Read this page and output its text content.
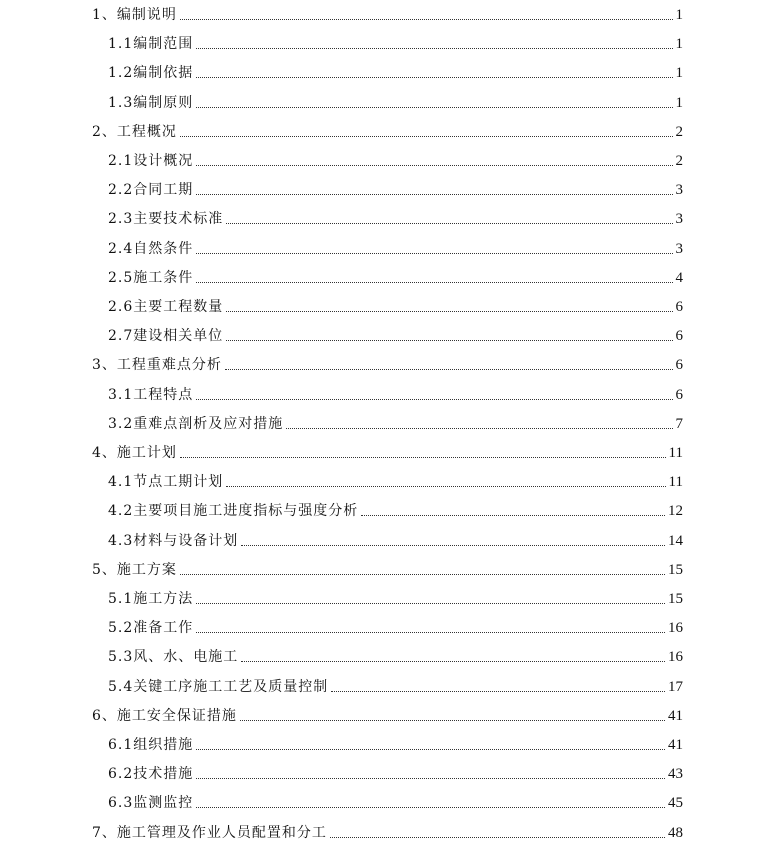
1、 编制说明	1
1.1 编制范围	1
1.2 编制依据	1
1.3 编制原则	1
2、 工程概况	2
2.1 设计概况	2
2.2 合同工期	3
2.3 主要技术标准	3
2.4 自然条件	3
2.5 施工条件	4
2.6 主要工程数量	6
2.7 建设相关单位	6
3、 工程重难点分析	6
3.1 工程特点	6
3.2 重难点剖析及应对措施	7
4、 施工计划	11
4.1 节点工期计划	11
4.2 主要项目施工进度指标与强度分析	12
4.3 材料与设备计划	14
5、 施工方案	15
5.1 施工方法	15
5.2 准备工作	16
5.3 风、水、电施工	16
5.4 关键工序施工工艺及质量控制	17
6、 施工安全保证措施	41
6.1 组织措施	41
6.2 技术措施	43
6.3 监测监控	45
7、 施工管理及作业人员配置和分工	48
